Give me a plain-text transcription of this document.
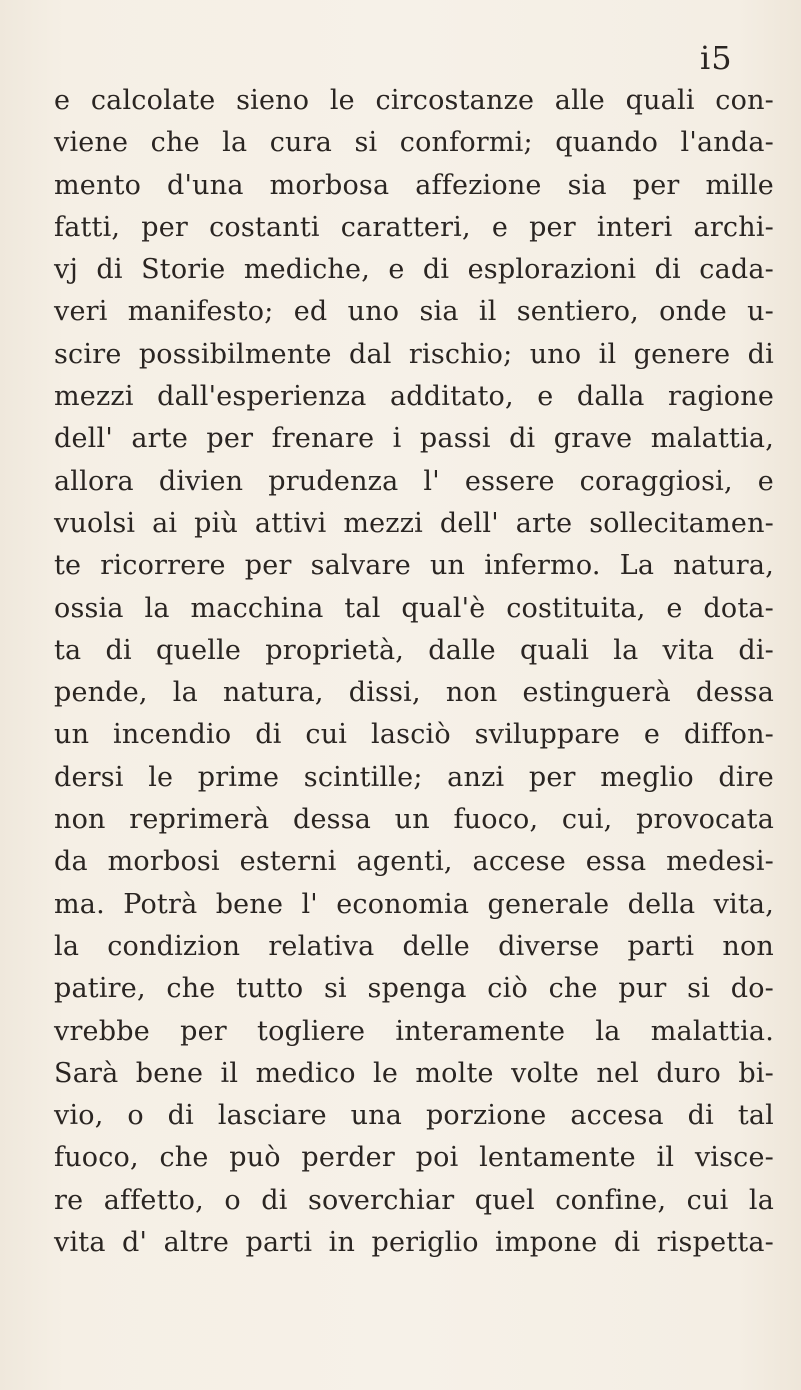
i5
e calcolate sieno le circostanze alle quali con-
viene che la cura si conformi; quando l'anda-
mento d'una morbosa affezione sia per mille
fatti, per costanti caratteri, e per interi archi-
vj di Storie mediche, e di esplorazioni di cada-
veri manifesto; ed uno sia il sentiero, onde u-
scire possibilmente dal rischio; uno il genere di
mezzi dall'esperienza additato, e dalla ragione
dell' arte per frenare i passi di grave malattia,
allora divien prudenza l' essere coraggiosi, e
vuolsi ai più attivi mezzi dell' arte sollecitamen-
te ricorrere per salvare un infermo. La natura,
ossia la macchina tal qual'è costituita, e dota-
ta di quelle proprietà, dalle quali la vita di-
pende, la natura, dissi, non estinguerà dessa
un incendio di cui lasciò sviluppare e diffon-
dersi le prime scintille; anzi per meglio dire
non reprimerà dessa un fuoco, cui, provocata
da morbosi esterni agenti, accese essa medesi-
ma. Potrà bene l' economia generale della vita,
la condizion relativa delle diverse parti non
patire, che tutto si spenga ciò che pur si do-
vrebbe per togliere interamente la malattia.
Sarà bene il medico le molte volte nel duro bi-
vio, o di lasciare una porzione accesa di tal
fuoco, che può perder poi lentamente il visce-
re affetto, o di soverchiar quel confine, cui la
vita d' altre parti in periglio impone di rispetta-
